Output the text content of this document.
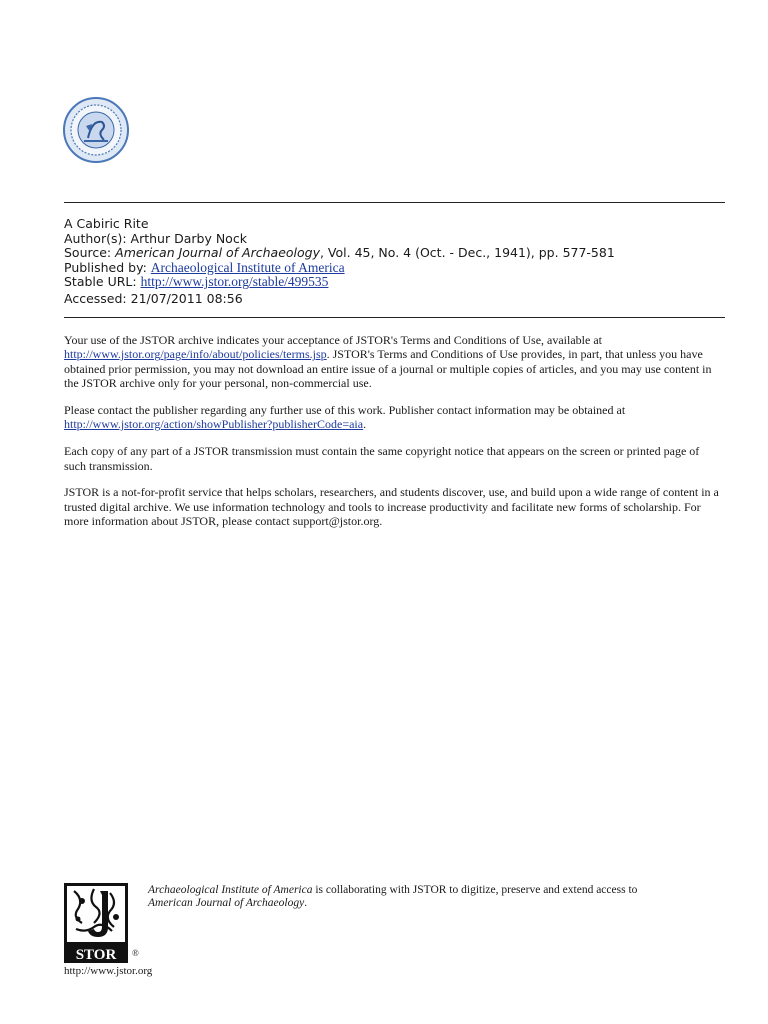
A Cabiric Rite
Author(s): Arthur Darby Nock
Source: American Journal of Archaeology, Vol. 45, No. 4 (Oct. - Dec., 1941), pp. 577-581
Published by: Archaeological Institute of America
Stable URL: http://www.jstor.org/stable/499535
Accessed: 21/07/2011 08:56

Your use of the JSTOR archive indicates your acceptance of JSTOR's Terms and Conditions of Use, available at
http://www.jstor.org/page/info/about/policies/terms.jsp. JSTOR's Terms and Conditions of Use provides, in part, that unless you have obtained prior permission, you may not download an entire issue of a journal or multiple copies of articles, and you may use content in the JSTOR archive only for your personal, non-commercial use.

Please contact the publisher regarding any further use of this work. Publisher contact information may be obtained at
http://www.jstor.org/action/showPublisher?publisherCode=aia.

Each copy of any part of a JSTOR transmission must contain the same copyright notice that appears on the screen or printed page of such transmission.

JSTOR is a not-for-profit service that helps scholars, researchers, and students discover, use, and build upon a wide range of content in a trusted digital archive. We use information technology and tools to increase productivity and facilitate new forms of scholarship. For more information about JSTOR, please contact support@jstor.org.

STOR ®
http://www.jstor.org
Archaeological Institute of America is collaborating with JSTOR to digitize, preserve and extend access to
American Journal of Archaeology.
